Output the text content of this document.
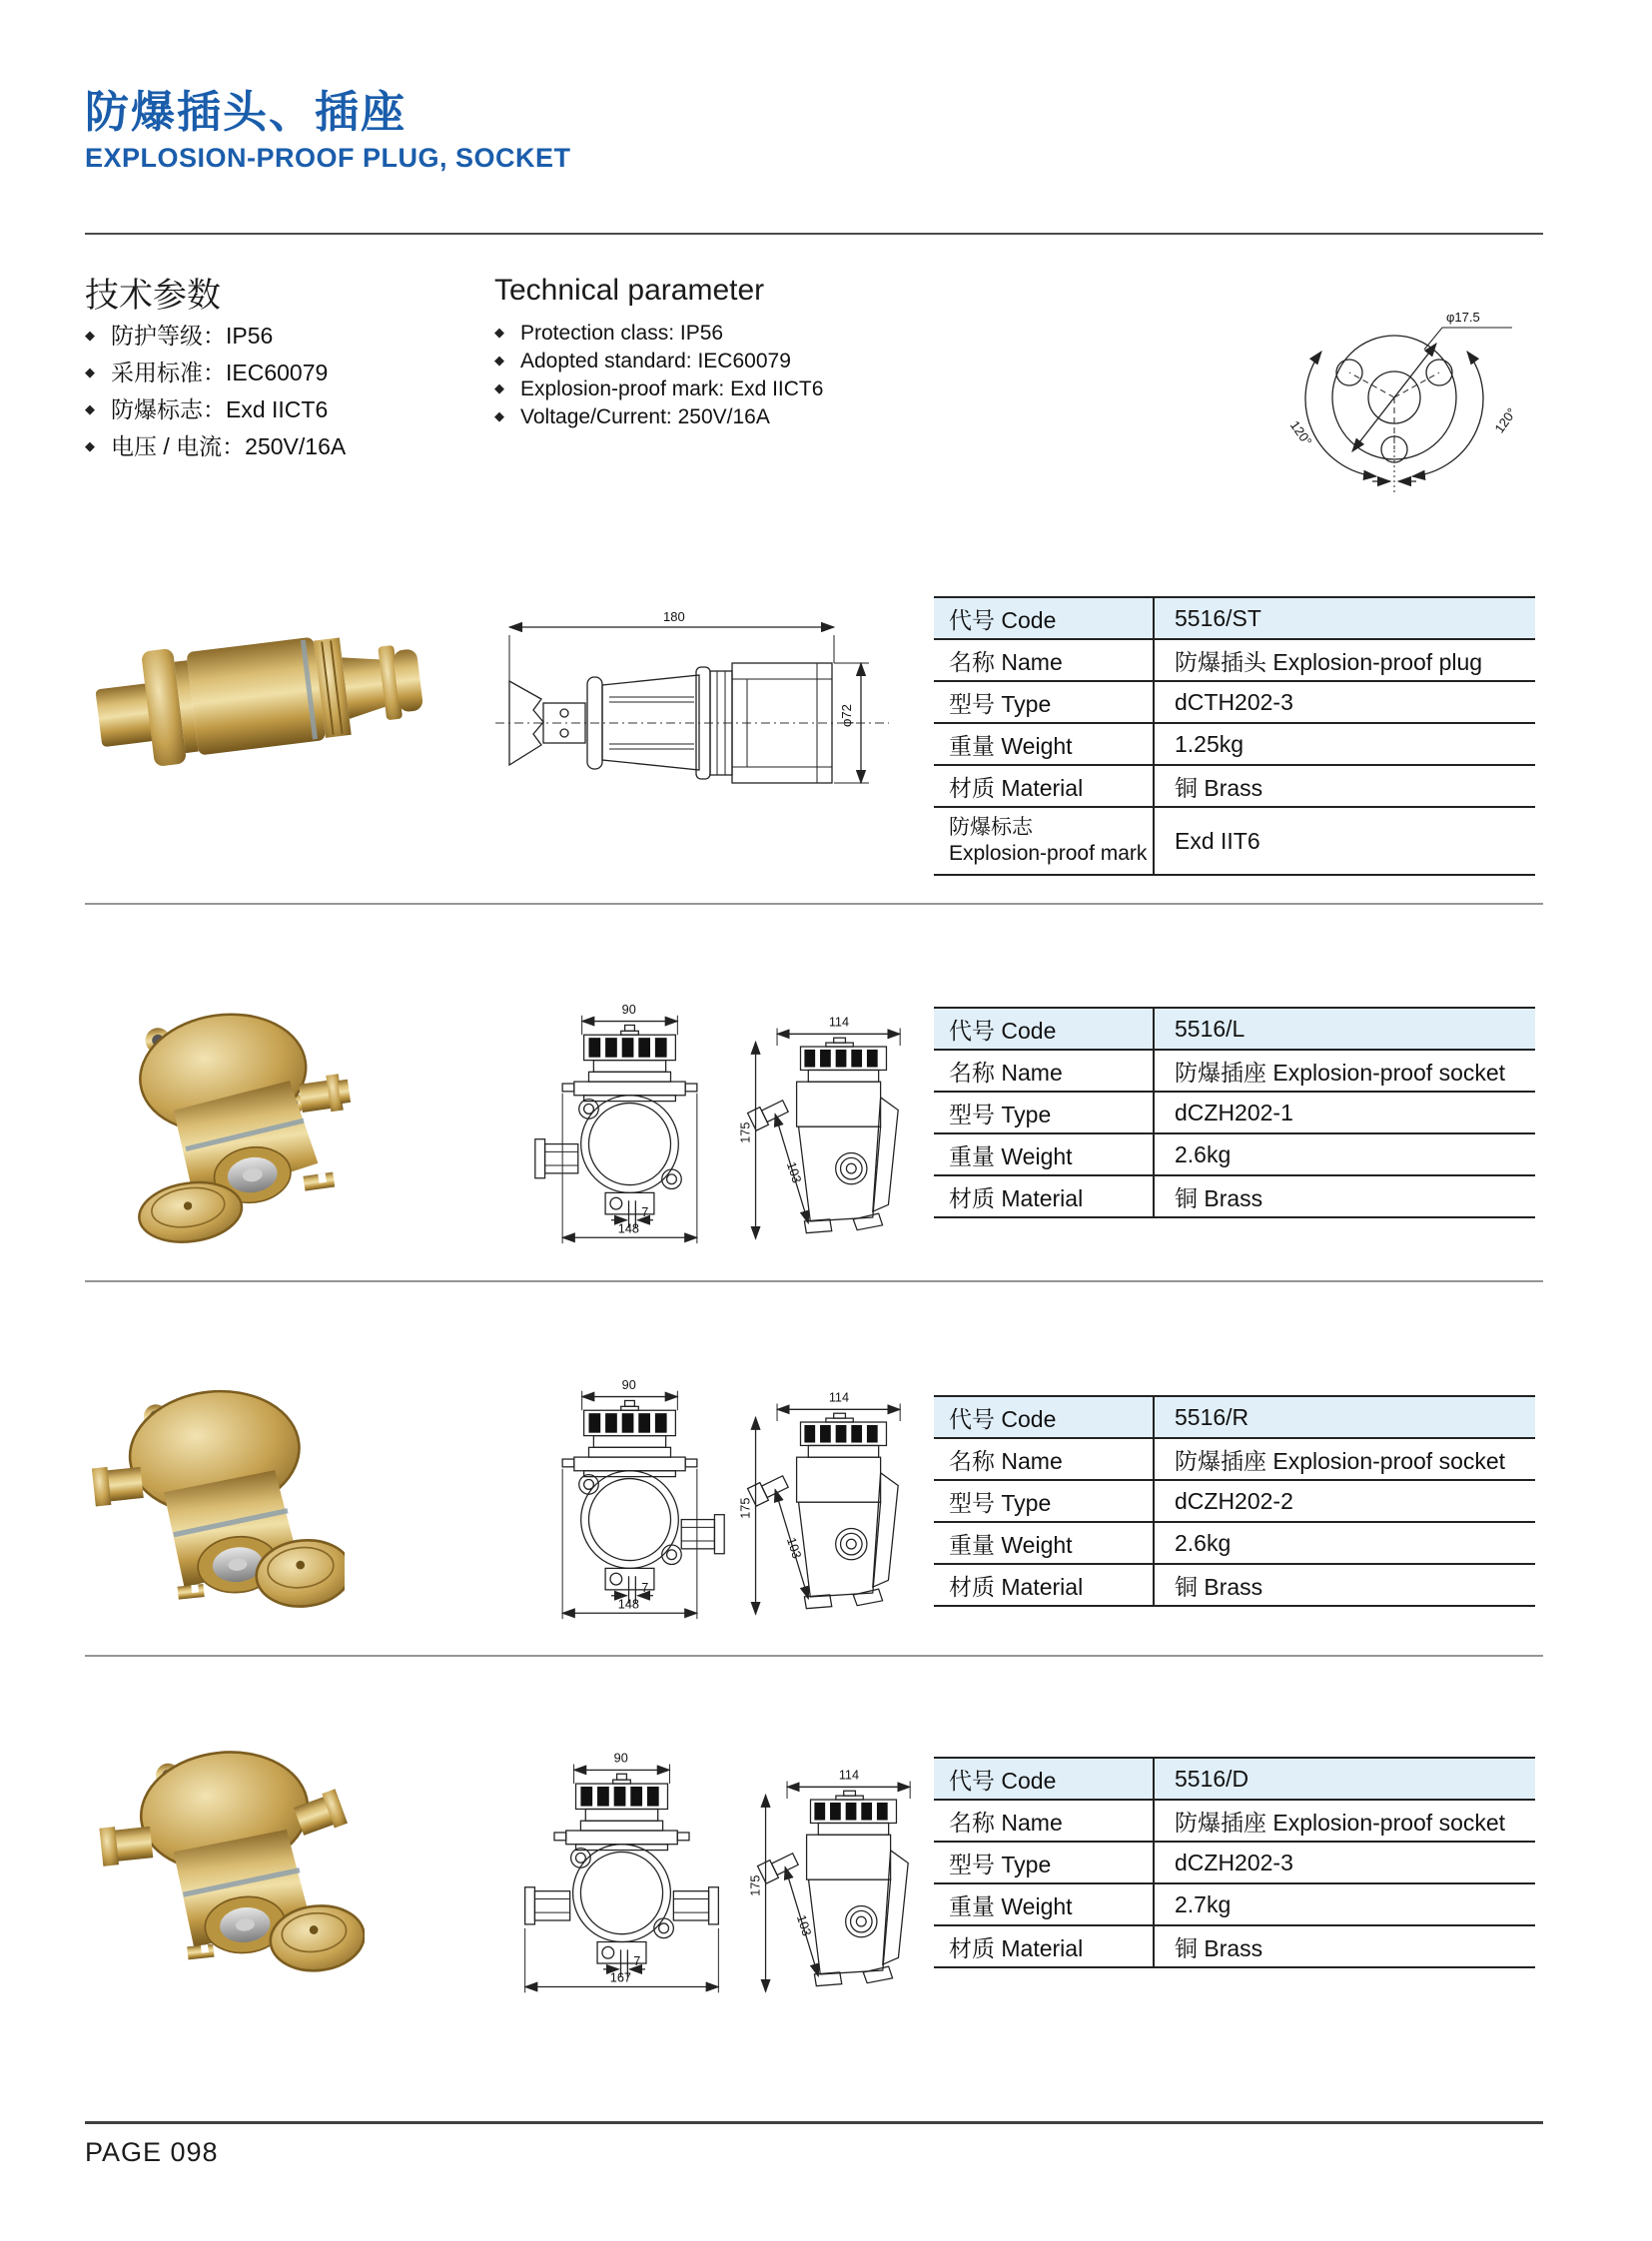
防爆插头、插座
EXPLOSION-PROOF PLUG, SOCKET
技术参数	Technical parameter
◆ 防护等级：IP56
◆ 采用标准：IEC60079
◆ 防爆标志：Exd IICT6
◆ 电压 / 电流：250V/16A
◆ Protection class: IP56
◆ Adopted standard: IEC60079
◆ Explosion-proof mark: Exd IICT6
◆ Voltage/Current: 250V/16A
φ17.5
120°	120°
180
φ72
代号 Code	5516/ST
名称 Name	防爆插头 Explosion-proof plug
型号 Type	dCTH202-3
重量 Weight	1.25kg
材质 Material	铜 Brass

防爆标志
Explosion-proof mark	Exd IIT6
90
7
148
114
175
103
代号 Code	5516/L
名称 Name	防爆插座 Explosion-proof socket
型号 Type	dCZH202-1
重量 Weight	2.6kg
材质 Material	铜 Brass
90
7
148
114
175
103
代号 Code	5516/R
名称 Name	防爆插座 Explosion-proof socket
型号 Type	dCZH202-2
重量 Weight	2.6kg
材质 Material	铜 Brass
90
7
167
114
175
103
代号 Code	5516/D
名称 Name	防爆插座 Explosion-proof socket
型号 Type	dCZH202-3
重量 Weight	2.7kg
材质 Material	铜 Brass
PAGE 098
